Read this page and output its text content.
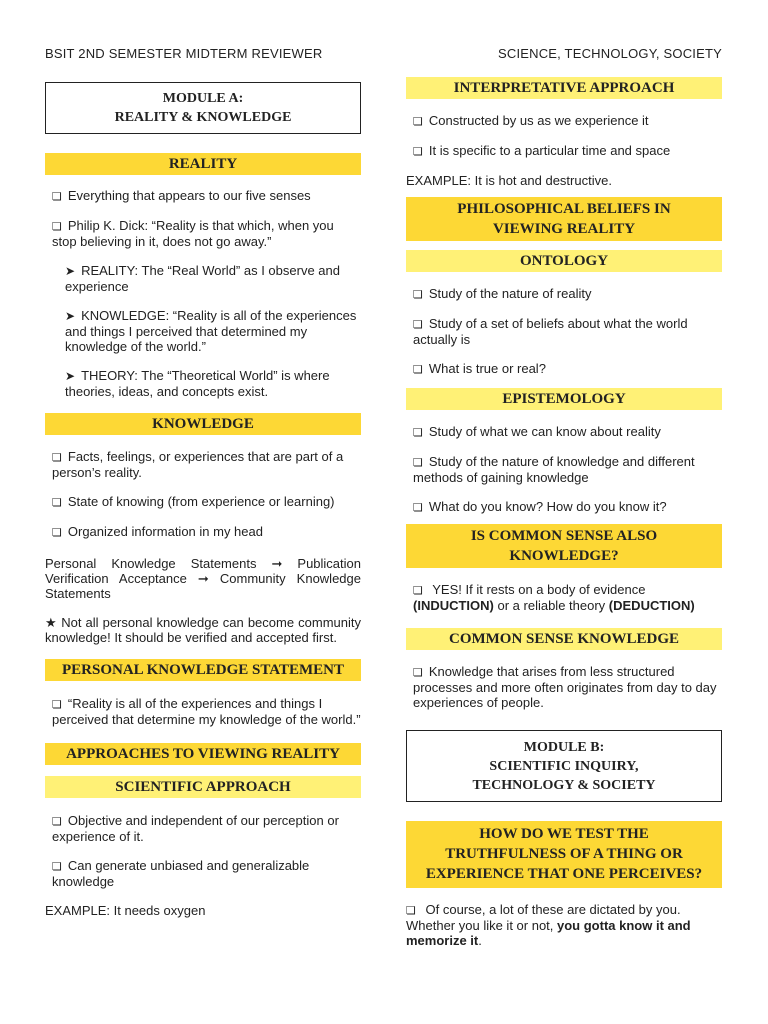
BSIT 2ND SEMESTER MIDTERM REVIEWER	SCIENCE, TECHNOLOGY, SOCIETY
MODULE A:
REALITY & KNOWLEDGE
REALITY
❏ Everything that appears to our five senses
❏ Philip K. Dick: “Reality is that which, when you stop believing in it, does not go away.”
➤ REALITY: The “Real World” as I observe and experience
➤ KNOWLEDGE: “Reality is all of the experiences and things I perceived that determined my knowledge of the world.”
➤ THEORY: The “Theoretical World” is where theories, ideas, and concepts exist.
KNOWLEDGE
❏ Facts, feelings, or experiences that are part of a person’s reality.
❏ State of knowing (from experience or learning)
❏ Organized information in my head
Personal Knowledge Statements ➞ Publication Verification Acceptance ➞ Community Knowledge Statements
★ Not all personal knowledge can become community knowledge! It should be verified and accepted first.
PERSONAL KNOWLEDGE STATEMENT
❏ “Reality is all of the experiences and things I perceived that determine my knowledge of the world.”
APPROACHES TO VIEWING REALITY
SCIENTIFIC APPROACH
❏ Objective and independent of our perception or experience of it.
❏ Can generate unbiased and generalizable knowledge
EXAMPLE: It needs oxygen
INTERPRETATIVE APPROACH
❏ Constructed by us as we experience it
❏ It is specific to a particular time and space
EXAMPLE: It is hot and destructive.
PHILOSOPHICAL BELIEFS IN
VIEWING REALITY
ONTOLOGY
❏ Study of the nature of reality
❏ Study of a set of beliefs about what the world actually is
❏ What is true or real?
EPISTEMOLOGY
❏ Study of what we can know about reality
❏ Study of the nature of knowledge and different methods of gaining knowledge
❏ What do you know? How do you know it?
IS COMMON SENSE ALSO
KNOWLEDGE?
❏ YES! If it rests on a body of evidence
(INDUCTION) or a reliable theory (DEDUCTION)
COMMON SENSE KNOWLEDGE
❏ Knowledge that arises from less structured processes and more often originates from day to day experiences of people.
MODULE B:
SCIENTIFIC INQUIRY,
TECHNOLOGY & SOCIETY
HOW DO WE TEST THE
TRUTHFULNESS OF A THING OR
EXPERIENCE THAT ONE PERCEIVES?
❏ Of course, a lot of these are dictated by you. Whether you like it or not, you gotta know it and memorize it.
